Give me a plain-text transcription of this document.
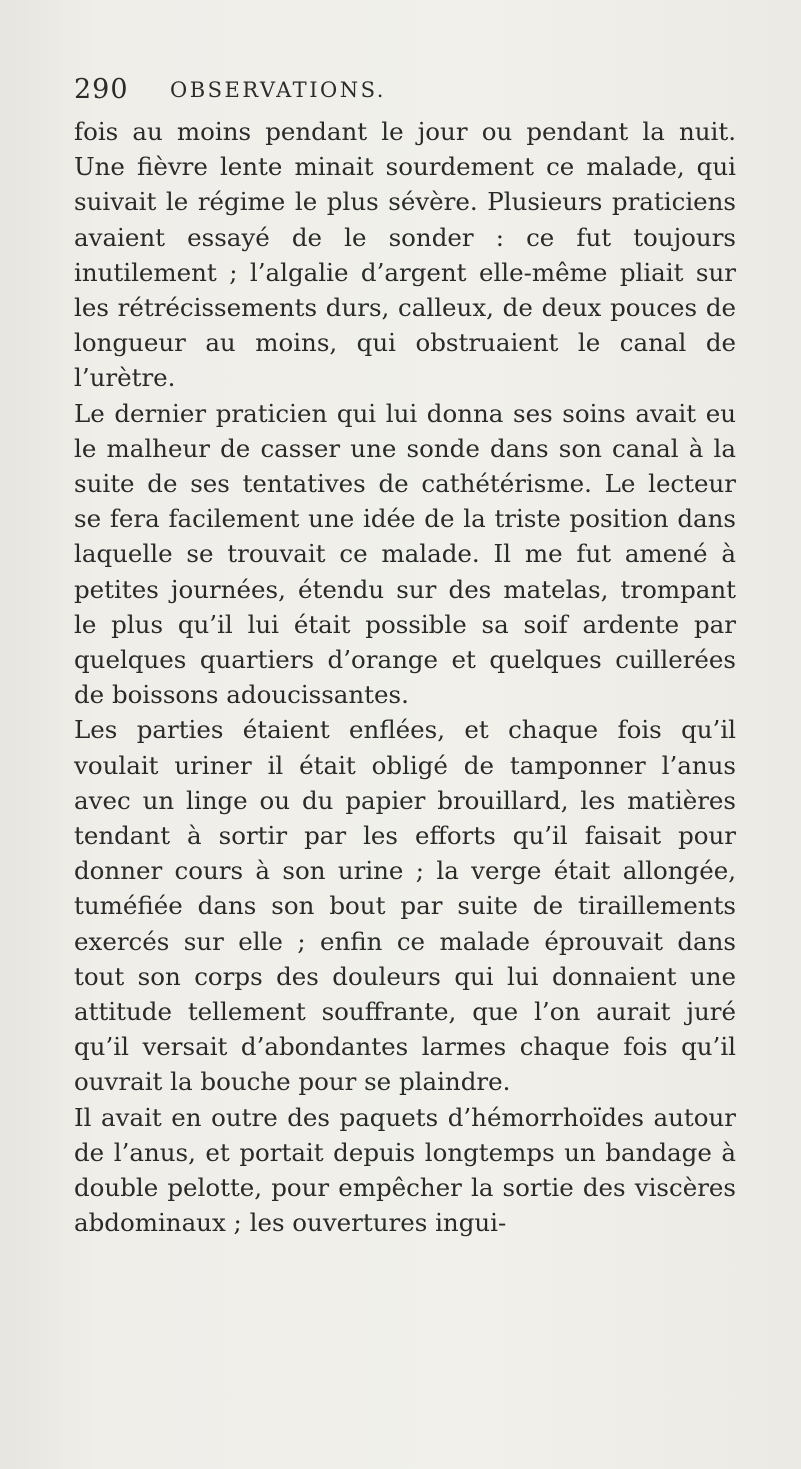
290 OBSERVATIONS.

fois au moins pendant le jour ou pendant la nuit. Une fièvre lente minait sourdement ce malade, qui suivait le régime le plus sévère. Plusieurs praticiens avaient essayé de le sonder : ce fut toujours inutilement ; l’algalie d’argent elle-même pliait sur les rétrécissements durs, calleux, de deux pouces de longueur au moins, qui obstruaient le canal de l’urètre.

Le dernier praticien qui lui donna ses soins avait eu le malheur de casser une sonde dans son canal à la suite de ses tentatives de cathétérisme. Le lecteur se fera facilement une idée de la triste position dans laquelle se trouvait ce malade. Il me fut amené à petites journées, étendu sur des matelas, trompant le plus qu’il lui était possible sa soif ardente par quelques quartiers d’orange et quelques cuillerées de boissons adoucissantes.

Les parties étaient enflées, et chaque fois qu’il voulait uriner il était obligé de tamponner l’anus avec un linge ou du papier brouillard, les matières tendant à sortir par les efforts qu’il faisait pour donner cours à son urine ; la verge était allongée, tuméfiée dans son bout par suite de tiraillements exercés sur elle ; enfin ce malade éprouvait dans tout son corps des douleurs qui lui donnaient une attitude tellement souffrante, que l’on aurait juré qu’il versait d’abondantes larmes chaque fois qu’il ouvrait la bouche pour se plaindre.

Il avait en outre des paquets d’hémorrhoïdes autour de l’anus, et portait depuis longtemps un bandage à double pelotte, pour empêcher la sortie des viscères abdominaux ; les ouvertures ingui-
